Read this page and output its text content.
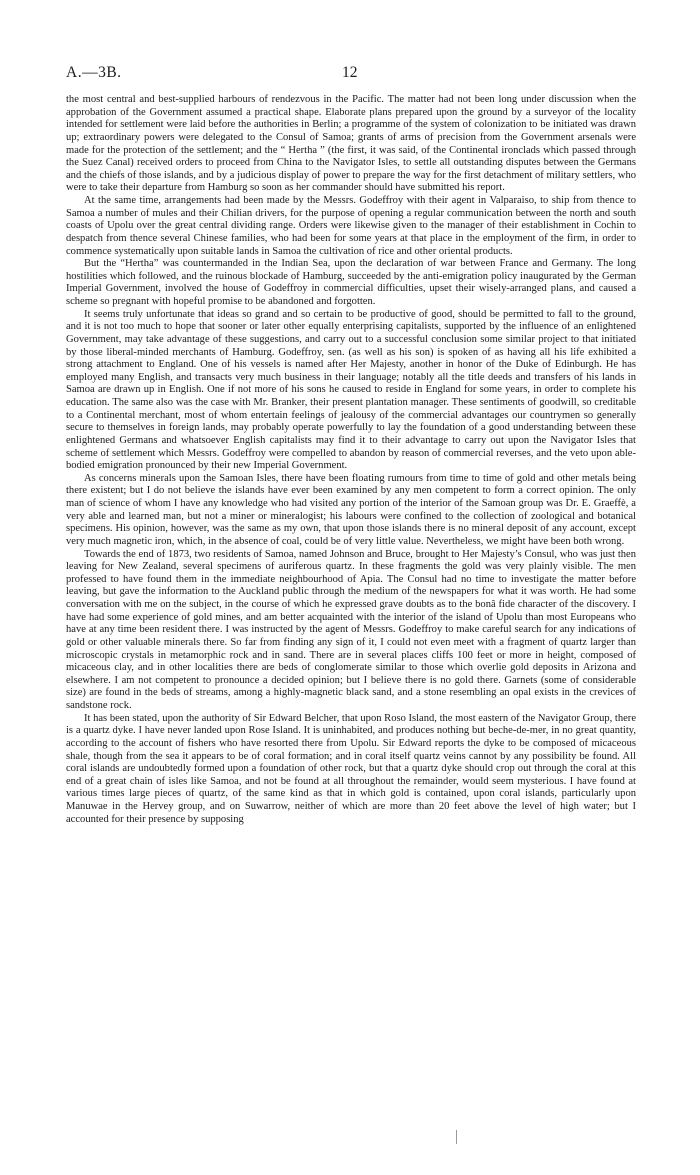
A.—3B.	12

the most central and best-supplied harbours of rendezvous in the Pacific. The matter had not been long under discussion when the approbation of the Government assumed a practical shape. Elaborate plans prepared upon the ground by a surveyor of the locality intended for settlement were laid before the authorities in Berlin; a programme of the system of colonization to be initiated was drawn up; extraordinary powers were delegated to the Consul of Samoa; grants of arms of precision from the Government arsenals were made for the protection of the settlement; and the “ Hertha ” (the first, it was said, of the Continental ironclads which passed through the Suez Canal) received orders to proceed from China to the Navigator Isles, to settle all outstanding disputes between the Germans and the chiefs of those islands, and by a judicious display of power to prepare the way for the first detachment of military settlers, who were to take their departure from Hamburg so soon as her commander should have submitted his report.

At the same time, arrangements had been made by the Messrs. Godeffroy with their agent in Valparaiso, to ship from thence to Samoa a number of mules and their Chilian drivers, for the purpose of opening a regular communication between the north and south coasts of Upolu over the great central dividing range. Orders were likewise given to the manager of their establishment in Cochin to despatch from thence several Chinese families, who had been for some years at that place in the employment of the firm, in order to commence systematically upon suitable lands in Samoa the cultivation of rice and other oriental products.

But the “Hertha” was countermanded in the Indian Sea, upon the declaration of war between France and Germany. The long hostilities which followed, and the ruinous blockade of Hamburg, succeeded by the anti-emigration policy inaugurated by the German Imperial Government, involved the house of Godeffroy in commercial difficulties, upset their wisely-arranged plans, and caused a scheme so pregnant with hopeful promise to be abandoned and forgotten.

It seems truly unfortunate that ideas so grand and so certain to be productive of good, should be permitted to fall to the ground, and it is not too much to hope that sooner or later other equally enterprising capitalists, supported by the influence of an enlightened Government, may take advantage of these suggestions, and carry out to a successful conclusion some similar project to that initiated by those liberal-minded merchants of Hamburg. Godeffroy, sen. (as well as his son) is spoken of as having all his life exhibited a strong attachment to England. One of his vessels is named after Her Majesty, another in honor of the Duke of Edinburgh. He has employed many English, and transacts very much business in their language; notably all the title deeds and transfers of his lands in Samoa are drawn up in English. One if not more of his sons he caused to reside in England for some years, in order to complete his education. The same also was the case with Mr. Branker, their present plantation manager. These sentiments of goodwill, so creditable to a Continental merchant, most of whom entertain feelings of jealousy of the commercial advantages our countrymen so generally secure to themselves in foreign lands, may probably operate powerfully to lay the foundation of a good understanding between these enlightened Germans and whatsoever English capitalists may find it to their advantage to carry out upon the Navigator Isles that scheme of settlement which Messrs. Godeffroy were compelled to abandon by reason of commercial reverses, and the veto upon able-bodied emigration pronounced by their new Imperial Government.

As concerns minerals upon the Samoan Isles, there have been floating rumours from time to time of gold and other metals being there existent; but I do not believe the islands have ever been examined by any men competent to form a correct opinion. The only man of science of whom I have any knowledge who had visited any portion of the interior of the Samoan group was Dr. E. Graeffè, a very able and learned man, but not a miner or mineralogist; his labours were confined to the collection of zoological and botanical specimens. His opinion, however, was the same as my own, that upon those islands there is no mineral deposit of any account, except very much magnetic iron, which, in the absence of coal, could be of very little value. Nevertheless, we might have been both wrong.

Towards the end of 1873, two residents of Samoa, named Johnson and Bruce, brought to Her Majesty’s Consul, who was just then leaving for New Zealand, several specimens of auriferous quartz. In these fragments the gold was very plainly visible. The men professed to have found them in the immediate neighbourhood of Apia. The Consul had no time to investigate the matter before leaving, but gave the information to the Auckland public through the medium of the newspapers for what it was worth. He had some conversation with me on the subject, in the course of which he expressed grave doubts as to the bonâ fide character of the discovery. I have had some experience of gold mines, and am better acquainted with the interior of the island of Upolu than most Europeans who have at any time been resident there. I was instructed by the agent of Messrs. Godeffroy to make careful search for any indications of gold or other valuable minerals there. So far from finding any sign of it, I could not even meet with a fragment of quartz larger than microscopic crystals in metamorphic rock and in sand. There are in several places cliffs 100 feet or more in height, composed of micaceous clay, and in other localities there are beds of conglomerate similar to those which overlie gold deposits in Arizona and elsewhere. I am not competent to pronounce a decided opinion; but I believe there is no gold there. Garnets (some of considerable size) are found in the beds of streams, among a highly-magnetic black sand, and a stone resembling an opal exists in the crevices of sandstone rock.

It has been stated, upon the authority of Sir Edward Belcher, that upon Roso Island, the most eastern of the Navigator Group, there is a quartz dyke. I have never landed upon Rose Island. It is uninhabited, and produces nothing but beche-de-mer, in no great quantity, according to the account of fishers who have resorted there from Upolu. Sir Edward reports the dyke to be composed of micaceous shale, though from the sea it appears to be of coral formation; and in coral itself quartz veins cannot by any possibility be found. All coral islands are undoubtedly formed upon a foundation of other rock, but that a quartz dyke should crop out through the coral at this end of a great chain of isles like Samoa, and not be found at all throughout the remainder, would seem mysterious. I have found at various times large pieces of quartz, of the same kind as that in which gold is contained, upon coral islands, particularly upon Manuwae in the Hervey group, and on Suwarrow, neither of which are more than 20 feet above the level of high water; but I accounted for their presence by supposing
